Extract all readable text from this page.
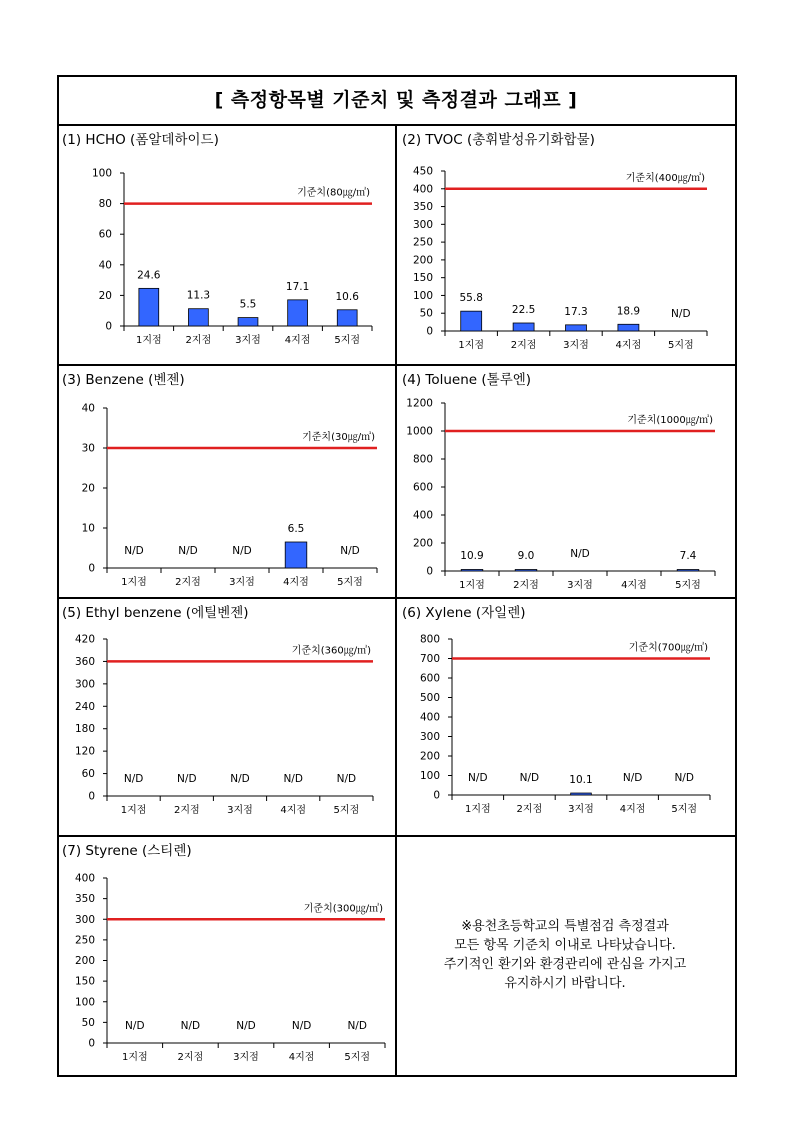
[ 측정항목별 기준치 및 측정결과 그래프 ]
(1) HCHO (폼알데하이드)
0
20
40
60
80
100
기준치(80㎍/㎥)
24.6
1지점
11.3
2지점
5.5
3지점
17.1
4지점
10.6
5지점
(2) TVOC (총휘발성유기화합물)
0
50
100
150
200
250
300
350
400
450
기준치(400㎍/㎥)
55.8
1지점
22.5
2지점
17.3
3지점
18.9
4지점
N/D
5지점
(3) Benzene (벤젠)
0
10
20
30
40
기준치(30㎍/㎥)
N/D
1지점
N/D
2지점
N/D
3지점
6.5
4지점
N/D
5지점
(4) Toluene (톨루엔)
0
200
400
600
800
1000
1200
기준치(1000㎍/㎥)
10.9
1지점
9.0
2지점
N/D
3지점	4지점
7.4
5지점
(5) Ethyl benzene (에틸벤젠)
0
60
120
180
240
300
360
420
기준치(360㎍/㎥)
N/D
1지점
N/D
2지점
N/D
3지점
N/D
4지점
N/D
5지점
(6) Xylene (자일렌)
0
100
200
300
400
500
600
700
800
기준치(700㎍/㎥)
N/D
1지점
N/D
2지점
10.1
3지점
N/D
4지점
N/D
5지점
(7) Styrene (스티렌)
0
50
100
150
200
250
300
350
400
기준치(300㎍/㎥)
N/D
1지점
N/D
2지점
N/D
3지점
N/D
4지점
N/D
5지점
※용천초등학교의 특별점검 측정결과
모든 항목 기준치 이내로 나타났습니다.
주기적인 환기와 환경관리에 관심을 가지고
유지하시기 바랍니다.
